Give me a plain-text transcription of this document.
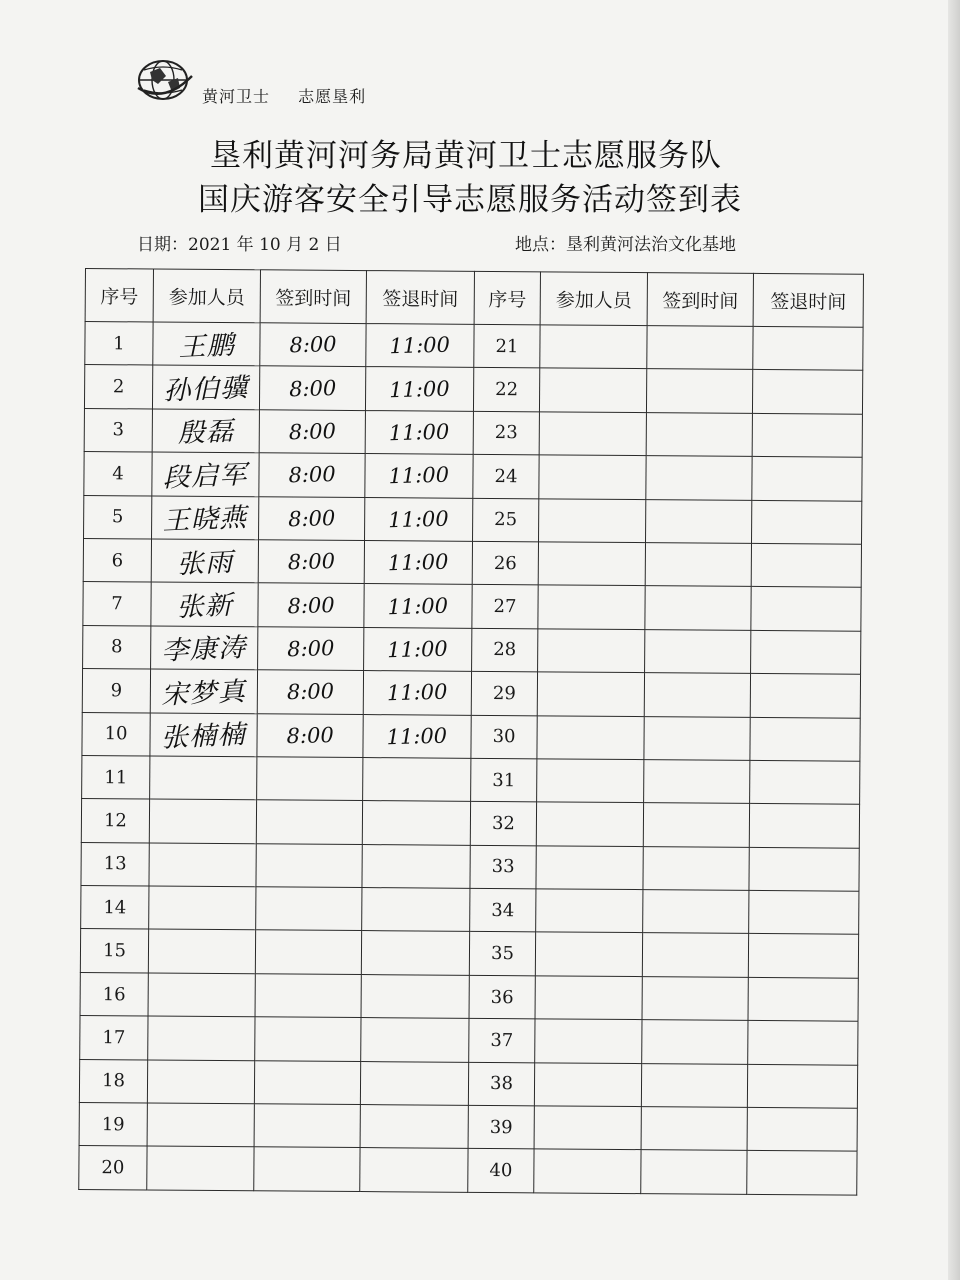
黄河卫士 志愿垦利
垦利黄河河务局黄河卫士志愿服务队
国庆游客安全引导志愿服务活动签到表
日期：2021 年 10 月 2 日	地点：垦利黄河法治文化基地
序号	参加人员	签到时间	签退时间	序号	参加人员	签到时间	签退时间
1	王鹏	8:00	11:00	21			
2	孙伯骥	8:00	11:00	22			
3	殷磊	8:00	11:00	23			
4	段启军	8:00	11:00	24			
5	王晓燕	8:00	11:00	25			
6	张雨	8:00	11:00	26			
7	张新	8:00	11:00	27			
8	李康涛	8:00	11:00	28			
9	宋梦真	8:00	11:00	29			
10	张楠楠	8:00	11:00	30			
11				31			
12				32			
13				33			
14				34			
15				35			
16				36			
17				37			
18				38			
19				39			
20				40			
